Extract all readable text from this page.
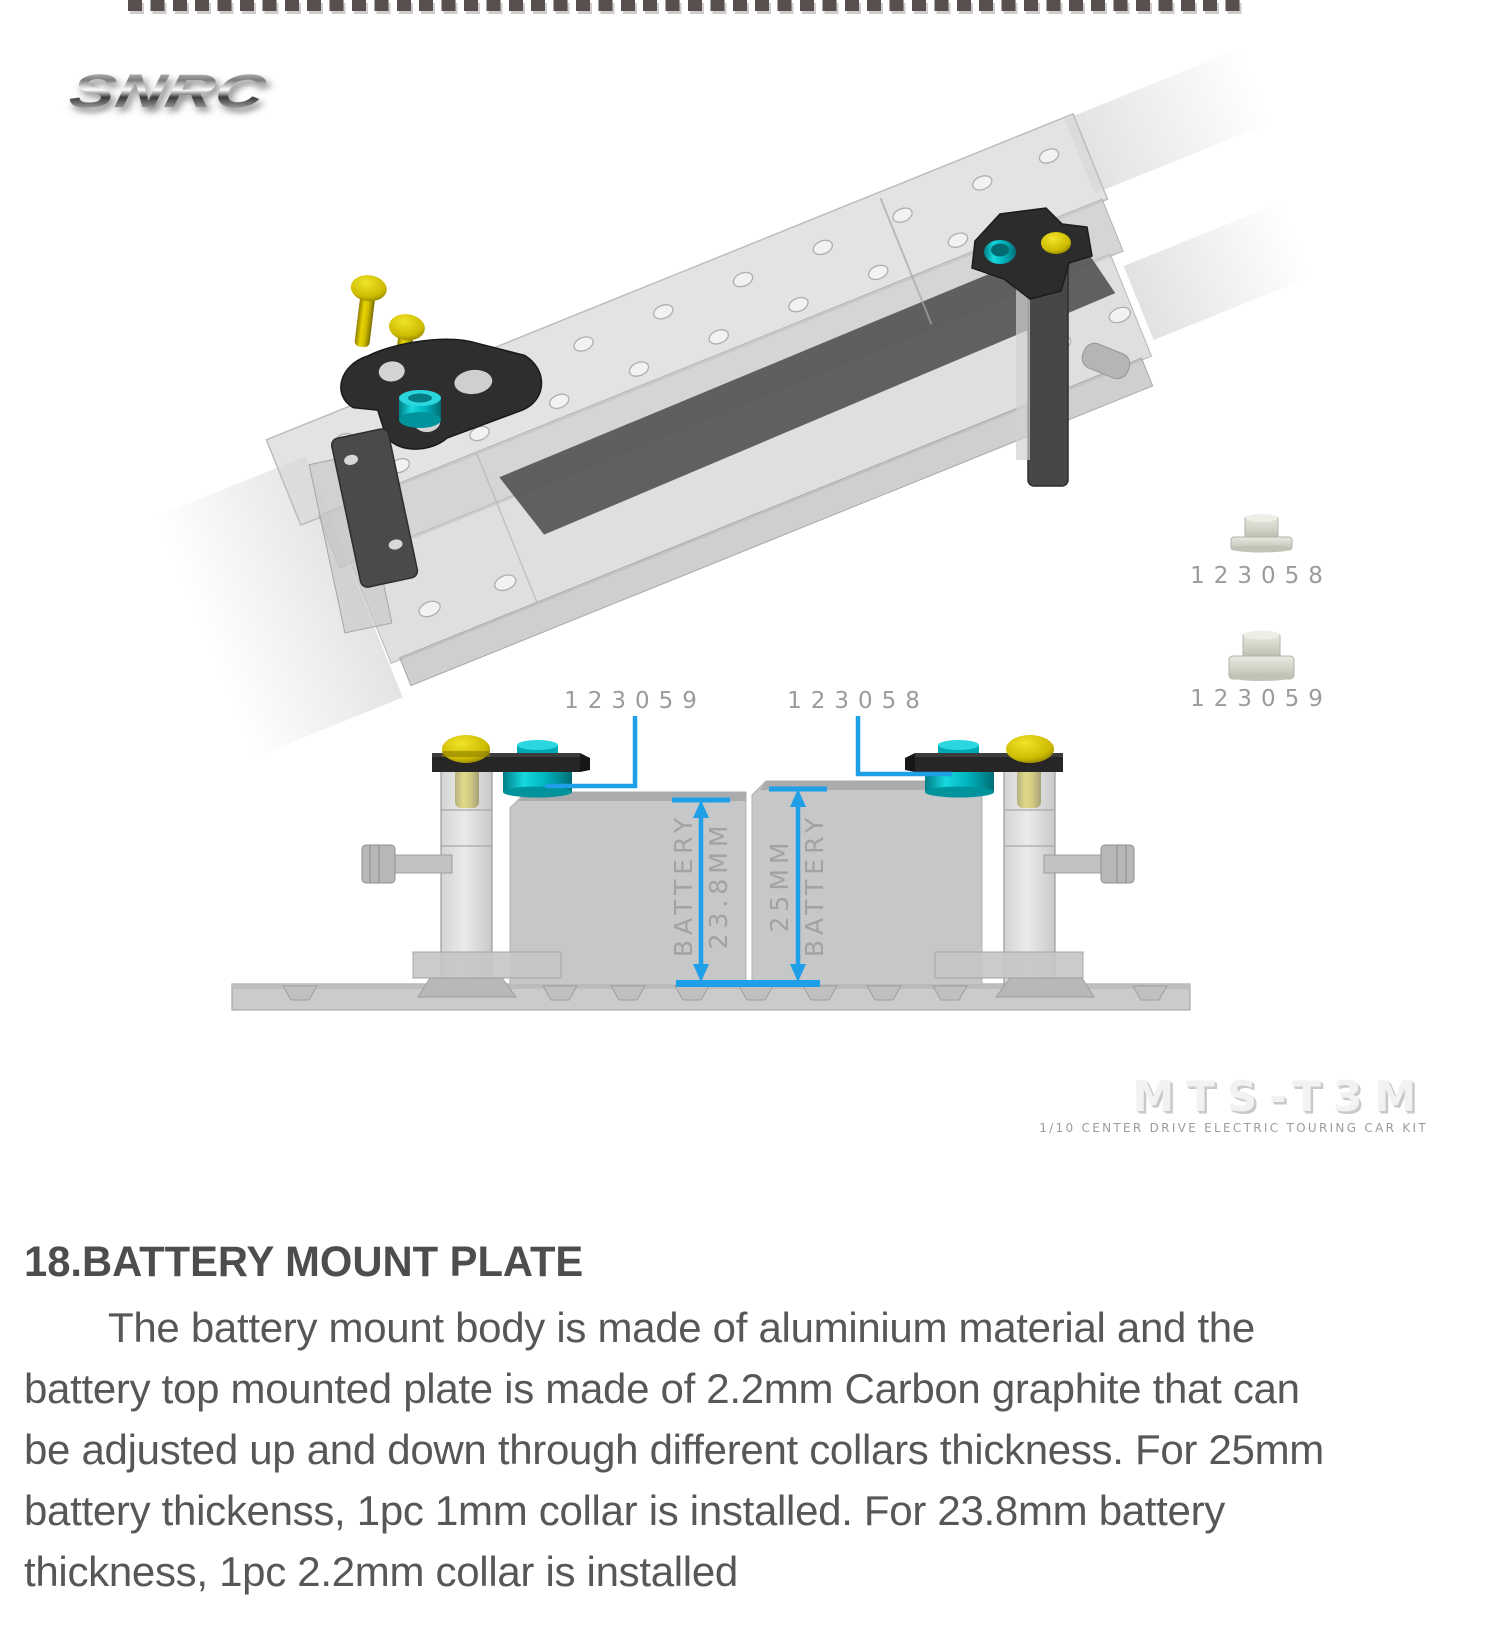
SNRC
123059	123058
123058
123059
BATTERY 23.8MM 25MM BATTERY
MTS-T3M
1/10 CENTER DRIVE ELECTRIC TOURING CAR KIT
18.BATTERY MOUNT PLATE
The battery mount body is made of aluminium material and the
battery top mounted plate is made of 2.2mm Carbon graphite that can
be adjusted up and down through different collars thickness. For 25mm
battery thickenss, 1pc 1mm collar is installed. For 23.8mm battery
thickness, 1pc 2.2mm collar is installed
